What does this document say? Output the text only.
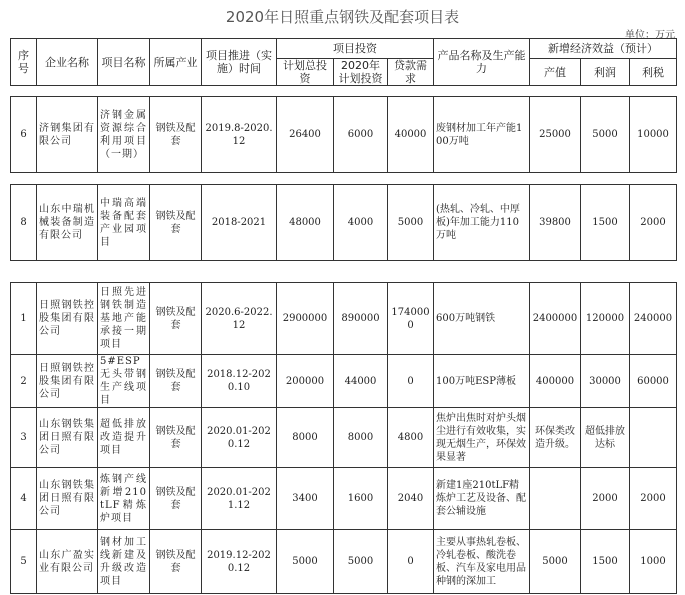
2020年日照重点钢铁及配套项目表
单位：万元
序号	企业名称	项目名称	所属产业	项目推进（实施）时间	项目投资			产品名称及生产能力	新增经济效益（预计）		
					计划总投资	2020年计划投资	贷款需求		产值	利润	利税
6	济钢集团有限公司	济钢金属资源综合利用项目（一期）	钢铁及配套	2019.8-2020.12	26400	6000	40000	废钢材加工年产能100万吨	25000	5000	10000
8	山东中瑞机械装备制造有限公司	中瑞高端装备配套产业园项目	钢铁及配套	2018-2021	48000	4000	5000	(热轧、冷轧、中厚板)年加工能力110万吨	39800	1500	2000
1	日照钢铁控股集团有限公司	日照先进钢铁制造基地产能承接一期项目	钢铁及配套	2020.6-2022.12	2900000	890000	1740000	600万吨钢铁	2400000	120000	240000
2	日照钢铁控股集团有限公司	5#ESP无头带钢生产线项目	钢铁及配套	2018.12-2020.10	200000	44000	0	100万吨ESP薄板	400000	30000	60000
3	山东钢铁集团日照有限公司	超低排放改造提升项目	钢铁及配套	2020.01-2020.12	8000	8000	4800	焦炉出焦时对炉头烟尘进行有效收集，实现无烟生产，环保效果显著	环保类改造升级。	超低排放达标	
4	山东钢铁集团日照有限公司	炼钢产线新增210tLF精炼炉项目	钢铁及配套	2020.01-2021.12	3400	1600	2040	新建1座210tLF精炼炉工艺及设备、配套公辅设施		2000	2000
5	山东广盈实业有限公司	钢材加工线新建及升级改造项目	钢铁及配套	2019.12-2020.12	5000	5000	0	主要从事热轧卷板、冷轧卷板、酸洗卷板、汽车及家电用品种钢的深加工	5000	1500	1000
